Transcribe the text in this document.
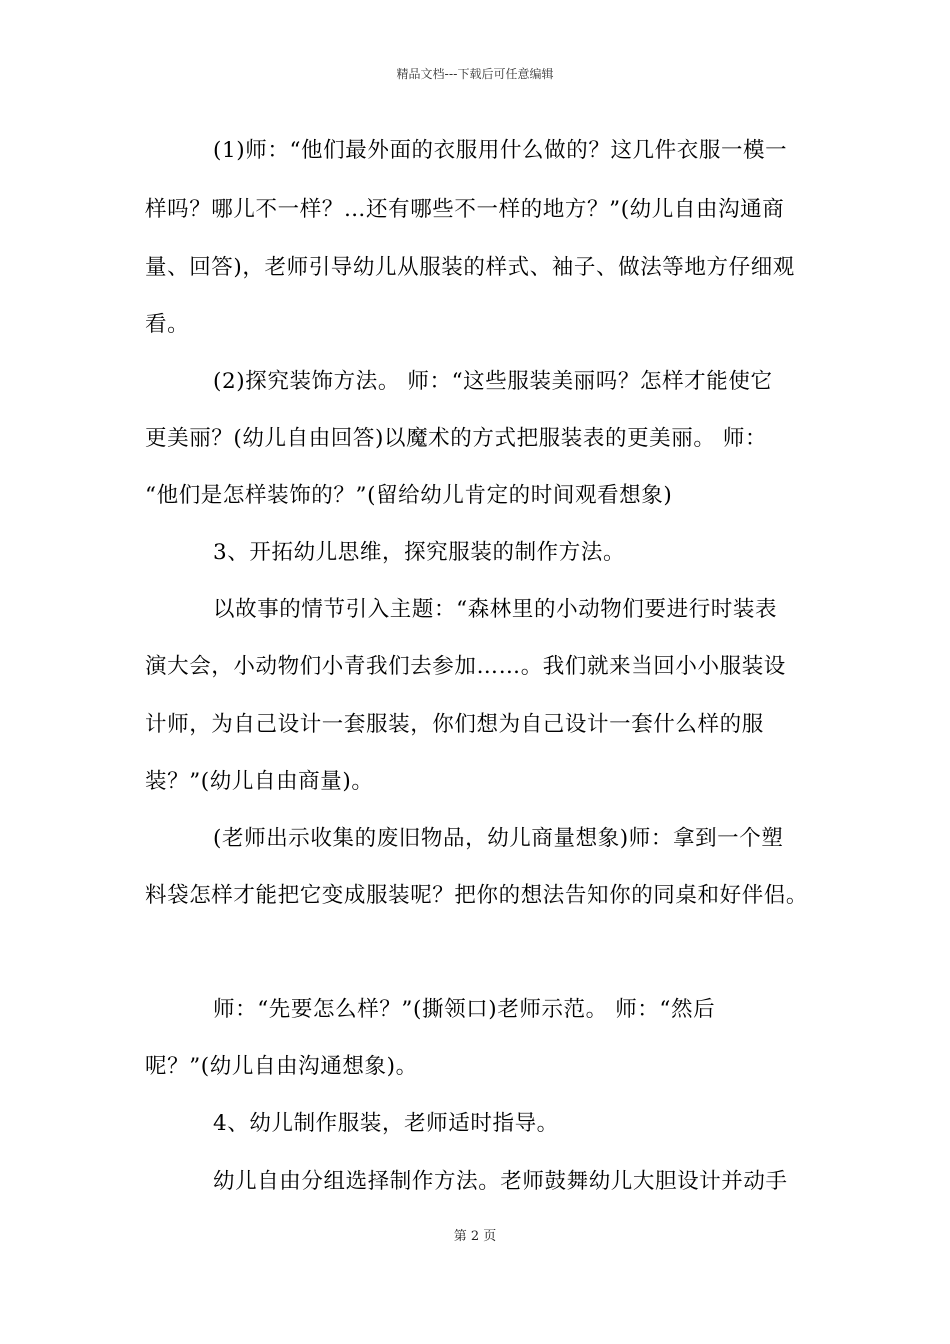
精品文档---下载后可任意编辑
(1)师：“他们最外面的衣服用什么做的？这几件衣服一模一
样吗？哪儿不一样？…还有哪些不一样的地方？”(幼儿自由沟通商
量、回答)，老师引导幼儿从服装的样式、袖子、做法等地方仔细观
看。
(2)探究装饰方法。 师：“这些服装美丽吗？怎样才能使它
更美丽？(幼儿自由回答)以魔术的方式把服装表的更美丽。 师：
“他们是怎样装饰的？”(留给幼儿肯定的时间观看想象)
3、开拓幼儿思维，探究服装的制作方法。
以故事的情节引入主题：“森林里的小动物们要进行时装表
演大会，小动物们小青我们去参加……。我们就来当回小小服装设
计师，为自己设计一套服装，你们想为自己设计一套什么样的服
装？”(幼儿自由商量)。
(老师出示收集的废旧物品，幼儿商量想象)师：拿到一个塑
料袋怎样才能把它变成服装呢？把你的想法告知你的同桌和好伴侣。
师：“先要怎么样？”(撕领口)老师示范。 师：“然后
呢？”(幼儿自由沟通想象)。
4、幼儿制作服装，老师适时指导。
幼儿自由分组选择制作方法。老师鼓舞幼儿大胆设计并动手
第 2 页
